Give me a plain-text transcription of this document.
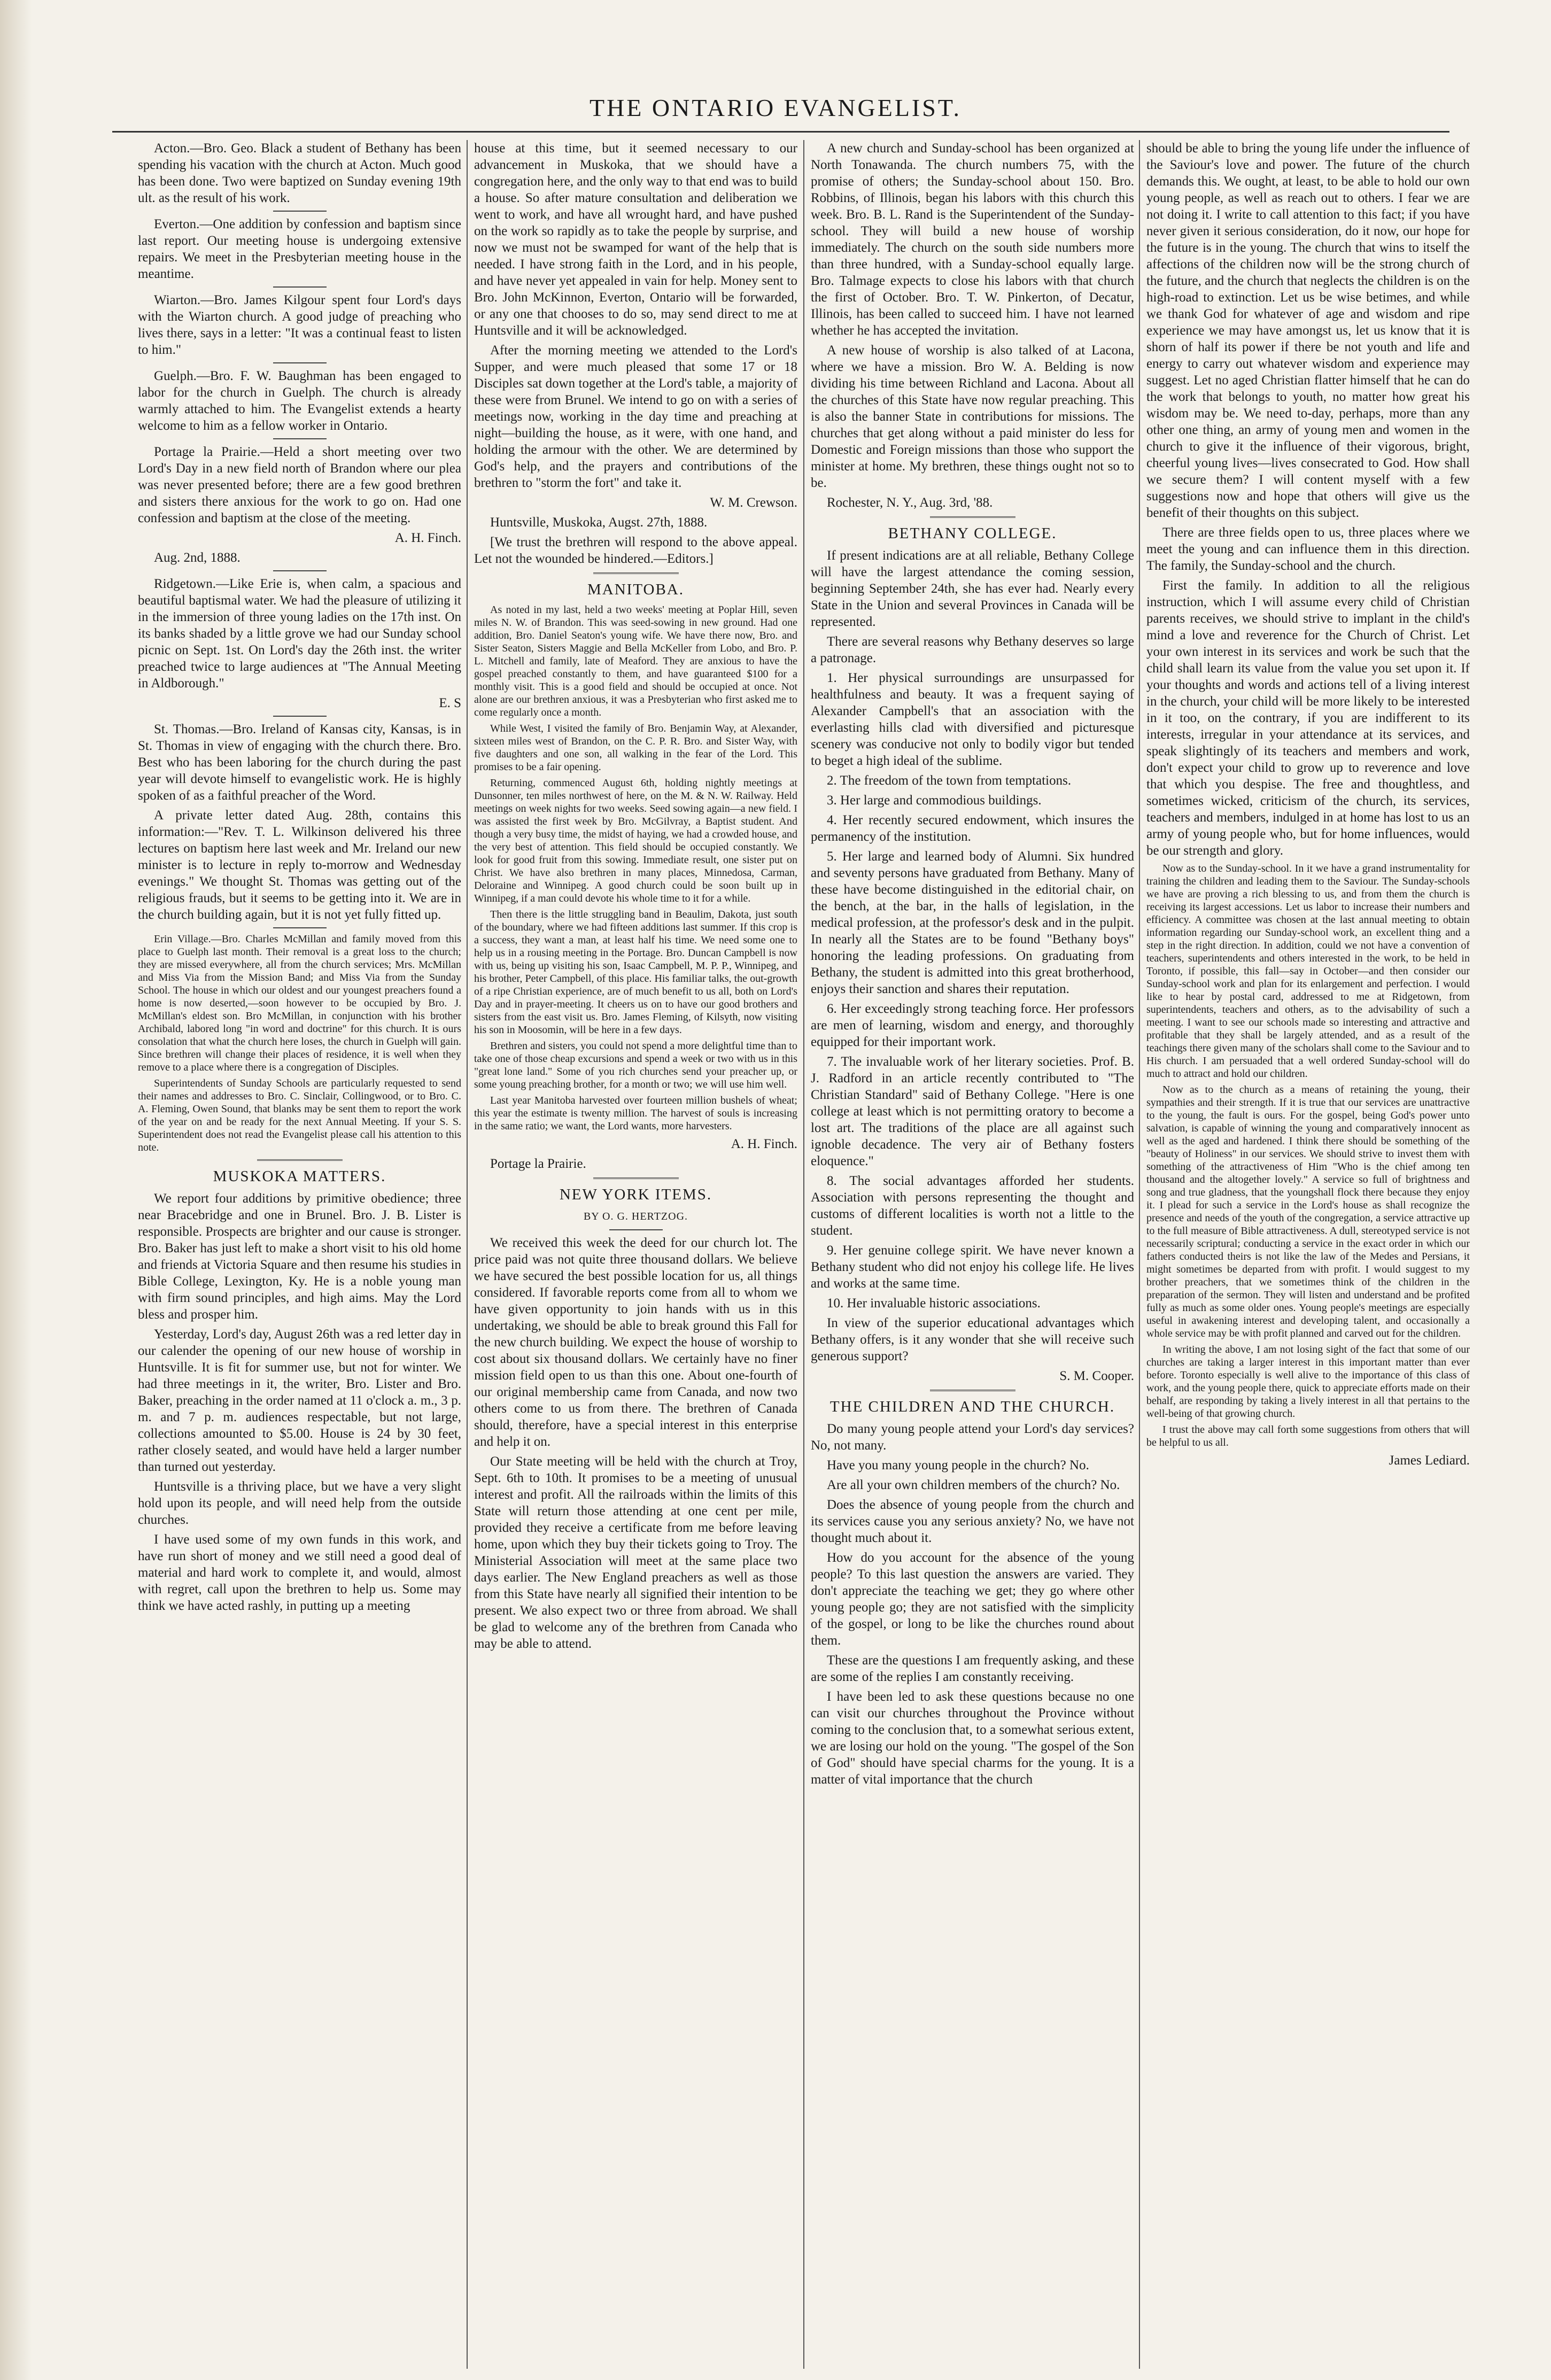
THE ONTARIO EVANGELIST.

Acton.—Bro. Geo. Black a student of Bethany has been spending his vacation with the church at Acton. Much good has been done. Two were baptized on Sunday evening 19th ult. as the result of his work.

Everton.—One addition by confession and baptism since last report. Our meeting house is undergoing extensive repairs. We meet in the Presbyterian meeting house in the meantime.

Wiarton.—Bro. James Kilgour spent four Lord's days with the Wiarton church. A good judge of preaching who lives there, says in a letter: "It was a continual feast to listen to him."

Guelph.—Bro. F. W. Baughman has been engaged to labor for the church in Guelph. The church is already warmly attached to him. The Evangelist extends a hearty welcome to him as a fellow worker in Ontario.

Portage la Prairie.—Held a short meeting over two Lord's Day in a new field north of Brandon where our plea was never presented before; there are a few good brethren and sisters there anxious for the work to go on. Had one confession and baptism at the close of the meeting.

A. H. Finch.

Aug. 2nd, 1888.

Ridgetown.—Like Erie is, when calm, a spacious and beautiful baptismal water. We had the pleasure of utilizing it in the immersion of three young ladies on the 17th inst. On its banks shaded by a little grove we had our Sunday school picnic on Sept. 1st. On Lord's day the 26th inst. the writer preached twice to large audiences at "The Annual Meeting in Aldborough."

E. S

St. Thomas.—Bro. Ireland of Kansas city, Kansas, is in St. Thomas in view of engaging with the church there. Bro. Best who has been laboring for the church during the past year will devote himself to evangelistic work. He is highly spoken of as a faithful preacher of the Word.

A private letter dated Aug. 28th, contains this information:—"Rev. T. L. Wilkinson delivered his three lectures on baptism here last week and Mr. Ireland our new minister is to lecture in reply to-morrow and Wednesday evenings." We thought St. Thomas was getting out of the religious frauds, but it seems to be getting into it. We are in the church building again, but it is not yet fully fitted up.

Erin Village.—Bro. Charles McMillan and family moved from this place to Guelph last month. Their removal is a great loss to the church; they are missed everywhere, all from the church services; Mrs. McMillan and Miss Via from the Mission Band; and Miss Via from the Sunday School. The house in which our oldest and our youngest preachers found a home is now deserted,—soon however to be occupied by Bro. J. McMillan's eldest son. Bro McMillan, in conjunction with his brother Archibald, labored long "in word and doctrine" for this church. It is ours consolation that what the church here loses, the church in Guelph will gain. Since brethren will change their places of residence, it is well when they remove to a place where there is a congregation of Disciples.

Superintendents of Sunday Schools are particularly requested to send their names and addresses to Bro. C. Sinclair, Collingwood, or to Bro. C. A. Fleming, Owen Sound, that blanks may be sent them to report the work of the year on and be ready for the next Annual Meeting. If your S. S. Superintendent does not read the Evangelist please call his attention to this note.

MUSKOKA MATTERS.

We report four additions by primitive obedience; three near Bracebridge and one in Brunel. Bro. J. B. Lister is responsible. Prospects are brighter and our cause is stronger. Bro. Baker has just left to make a short visit to his old home and friends at Victoria Square and then resume his studies in Bible College, Lexington, Ky. He is a noble young man with firm sound principles, and high aims. May the Lord bless and prosper him.

Yesterday, Lord's day, August 26th was a red letter day in our calender the opening of our new house of worship in Huntsville. It is fit for summer use, but not for winter. We had three meetings in it, the writer, Bro. Lister and Bro. Baker, preaching in the order named at 11 o'clock a. m., 3 p. m. and 7 p. m. audiences respectable, but not large, collections amounted to $5.00. House is 24 by 30 feet, rather closely seated, and would have held a larger number than turned out yesterday.

Huntsville is a thriving place, but we have a very slight hold upon its people, and will need help from the outside churches.

I have used some of my own funds in this work, and have run short of money and we still need a good deal of material and hard work to complete it, and would, almost with regret, call upon the brethren to help us. Some may think we have acted rashly, in putting up a meeting

house at this time, but it seemed necessary to our advancement in Muskoka, that we should have a congregation here, and the only way to that end was to build a house. So after mature consultation and deliberation we went to work, and have all wrought hard, and have pushed on the work so rapidly as to take the people by surprise, and now we must not be swamped for want of the help that is needed. I have strong faith in the Lord, and in his people, and have never yet appealed in vain for help. Money sent to Bro. John McKinnon, Everton, Ontario will be forwarded, or any one that chooses to do so, may send direct to me at Huntsville and it will be acknowledged.

After the morning meeting we attended to the Lord's Supper, and were much pleased that some 17 or 18 Disciples sat down together at the Lord's table, a majority of these were from Brunel. We intend to go on with a series of meetings now, working in the day time and preaching at night—building the house, as it were, with one hand, and holding the armour with the other. We are determined by God's help, and the prayers and contributions of the brethren to "storm the fort" and take it.

W. M. Crewson.

Huntsville, Muskoka, Augst. 27th, 1888.

[We trust the brethren will respond to the above appeal. Let not the wounded be hindered.—Editors.]

MANITOBA.

As noted in my last, held a two weeks' meeting at Poplar Hill, seven miles N. W. of Brandon. This was seed-sowing in new ground. Had one addition, Bro. Daniel Seaton's young wife. We have there now, Bro. and Sister Seaton, Sisters Maggie and Bella McKeller from Lobo, and Bro. P. L. Mitchell and family, late of Meaford. They are anxious to have the gospel preached constantly to them, and have guaranteed $100 for a monthly visit. This is a good field and should be occupied at once. Not alone are our brethren anxious, it was a Presbyterian who first asked me to come regularly once a month.

While West, I visited the family of Bro. Benjamin Way, at Alexander, sixteen miles west of Brandon, on the C. P. R. Bro. and Sister Way, with five daughters and one son, all walking in the fear of the Lord. This promises to be a fair opening.

Returning, commenced August 6th, holding nightly meetings at Dunsonner, ten miles northwest of here, on the M. & N. W. Railway. Held meetings on week nights for two weeks. Seed sowing again—a new field. I was assisted the first week by Bro. McGilvray, a Baptist student. And though a very busy time, the midst of haying, we had a crowded house, and the very best of attention. This field should be occupied constantly. We look for good fruit from this sowing. Immediate result, one sister put on Christ. We have also brethren in many places, Minnedosa, Carman, Deloraine and Winnipeg. A good church could be soon built up in Winnipeg, if a man could devote his whole time to it for a while.

Then there is the little struggling band in Beaulim, Dakota, just south of the boundary, where we had fifteen additions last summer. If this crop is a success, they want a man, at least half his time. We need some one to help us in a rousing meeting in the Portage. Bro. Duncan Campbell is now with us, being up visiting his son, Isaac Campbell, M. P. P., Winnipeg, and his brother, Peter Campbell, of this place. His familiar talks, the out-growth of a ripe Christian experience, are of much benefit to us all, both on Lord's Day and in prayer-meeting. It cheers us on to have our good brothers and sisters from the east visit us. Bro. James Fleming, of Kilsyth, now visiting his son in Moosomin, will be here in a few days.

Brethren and sisters, you could not spend a more delightful time than to take one of those cheap excursions and spend a week or two with us in this "great lone land." Some of you rich churches send your preacher up, or some young preaching brother, for a month or two; we will use him well.

Last year Manitoba harvested over fourteen million bushels of wheat; this year the estimate is twenty million. The harvest of souls is increasing in the same ratio; we want, the Lord wants, more harvesters.

A. H. Finch.

Portage la Prairie.

NEW YORK ITEMS.

BY O. G. HERTZOG.

We received this week the deed for our church lot. The price paid was not quite three thousand dollars. We believe we have secured the best possible location for us, all things considered. If favorable reports come from all to whom we have given opportunity to join hands with us in this undertaking, we should be able to break ground this Fall for the new church building. We expect the house of worship to cost about six thousand dollars. We certainly have no finer mission field open to us than this one. About one-fourth of our original membership came from Canada, and now two others come to us from there. The brethren of Canada should, therefore, have a special interest in this enterprise and help it on.

Our State meeting will be held with the church at Troy, Sept. 6th to 10th. It promises to be a meeting of unusual interest and profit. All the railroads within the limits of this State will return those attending at one cent per mile, provided they receive a certificate from me before leaving home, upon which they buy their tickets going to Troy. The Ministerial Association will meet at the same place two days earlier. The New England preachers as well as those from this State have nearly all signified their intention to be present. We also expect two or three from abroad. We shall be glad to welcome any of the brethren from Canada who may be able to attend.

A new church and Sunday-school has been organized at North Tonawanda. The church numbers 75, with the promise of others; the Sunday-school about 150. Bro. Robbins, of Illinois, began his labors with this church this week. Bro. B. L. Rand is the Superintendent of the Sunday-school. They will build a new house of worship immediately. The church on the south side numbers more than three hundred, with a Sunday-school equally large. Bro. Talmage expects to close his labors with that church the first of October. Bro. T. W. Pinkerton, of Decatur, Illinois, has been called to succeed him. I have not learned whether he has accepted the invitation.

A new house of worship is also talked of at Lacona, where we have a mission. Bro W. A. Belding is now dividing his time between Richland and Lacona. About all the churches of this State have now regular preaching. This is also the banner State in contributions for missions. The churches that get along without a paid minister do less for Domestic and Foreign missions than those who support the minister at home. My brethren, these things ought not so to be.

Rochester, N. Y., Aug. 3rd, '88.

BETHANY COLLEGE.

If present indications are at all reliable, Bethany College will have the largest attendance the coming session, beginning September 24th, she has ever had. Nearly every State in the Union and several Provinces in Canada will be represented.

There are several reasons why Bethany deserves so large a patronage.

1. Her physical surroundings are unsurpassed for healthfulness and beauty. It was a frequent saying of Alexander Campbell's that an association with the everlasting hills clad with diversified and picturesque scenery was conducive not only to bodily vigor but tended to beget a high ideal of the sublime.

2. The freedom of the town from temptations.

3. Her large and commodious buildings.

4. Her recently secured endowment, which insures the permanency of the institution.

5. Her large and learned body of Alumni. Six hundred and seventy persons have graduated from Bethany. Many of these have become distinguished in the editorial chair, on the bench, at the bar, in the halls of legislation, in the medical profession, at the professor's desk and in the pulpit. In nearly all the States are to be found "Bethany boys" honoring the leading professions. On graduating from Bethany, the student is admitted into this great brotherhood, enjoys their sanction and shares their reputation.

6. Her exceedingly strong teaching force. Her professors are men of learning, wisdom and energy, and thoroughly equipped for their important work.

7. The invaluable work of her literary societies. Prof. B. J. Radford in an article recently contributed to "The Christian Standard" said of Bethany College. "Here is one college at least which is not permitting oratory to become a lost art. The traditions of the place are all against such ignoble decadence. The very air of Bethany fosters eloquence."

8. The social advantages afforded her students. Association with persons representing the thought and customs of different localities is worth not a little to the student.

9. Her genuine college spirit. We have never known a Bethany student who did not enjoy his college life. He lives and works at the same time.

10. Her invaluable historic associations.

In view of the superior educational advantages which Bethany offers, is it any wonder that she will receive such generous support?

S. M. Cooper.

THE CHILDREN AND THE CHURCH.

Do many young people attend your Lord's day services? No, not many.

Have you many young people in the church? No.

Are all your own children members of the church? No.

Does the absence of young people from the church and its services cause you any serious anxiety? No, we have not thought much about it.

How do you account for the absence of the young people? To this last question the answers are varied. They don't appreciate the teaching we get; they go where other young people go; they are not satisfied with the simplicity of the gospel, or long to be like the churches round about them.

These are the questions I am frequently asking, and these are some of the replies I am constantly receiving.

I have been led to ask these questions because no one can visit our churches throughout the Province without coming to the conclusion that, to a somewhat serious extent, we are losing our hold on the young. "The gospel of the Son of God" should have special charms for the young. It is a matter of vital importance that the church

should be able to bring the young life under the influence of the Saviour's love and power. The future of the church demands this. We ought, at least, to be able to hold our own young people, as well as reach out to others. I fear we are not doing it. I write to call attention to this fact; if you have never given it serious consideration, do it now, our hope for the future is in the young. The church that wins to itself the affections of the children now will be the strong church of the future, and the church that neglects the children is on the high-road to extinction. Let us be wise betimes, and while we thank God for whatever of age and wisdom and ripe experience we may have amongst us, let us know that it is shorn of half its power if there be not youth and life and energy to carry out whatever wisdom and experience may suggest. Let no aged Christian flatter himself that he can do the work that belongs to youth, no matter how great his wisdom may be. We need to-day, perhaps, more than any other one thing, an army of young men and women in the church to give it the influence of their vigorous, bright, cheerful young lives—lives consecrated to God. How shall we secure them? I will content myself with a few suggestions now and hope that others will give us the benefit of their thoughts on this subject.

There are three fields open to us, three places where we meet the young and can influence them in this direction. The family, the Sunday-school and the church.

First the family. In addition to all the religious instruction, which I will assume every child of Christian parents receives, we should strive to implant in the child's mind a love and reverence for the Church of Christ. Let your own interest in its services and work be such that the child shall learn its value from the value you set upon it. If your thoughts and words and actions tell of a living interest in the church, your child will be more likely to be interested in it too, on the contrary, if you are indifferent to its interests, irregular in your attendance at its services, and speak slightingly of its teachers and members and work, don't expect your child to grow up to reverence and love that which you despise. The free and thoughtless, and sometimes wicked, criticism of the church, its services, teachers and members, indulged in at home has lost to us an army of young people who, but for home influences, would be our strength and glory.

Now as to the Sunday-school. In it we have a grand instrumentality for training the children and leading them to the Saviour. The Sunday-schools we have are proving a rich blessing to us, and from them the church is receiving its largest accessions. Let us labor to increase their numbers and efficiency. A committee was chosen at the last annual meeting to obtain information regarding our Sunday-school work, an excellent thing and a step in the right direction. In addition, could we not have a convention of teachers, superintendents and others interested in the work, to be held in Toronto, if possible, this fall—say in October—and then consider our Sunday-school work and plan for its enlargement and perfection. I would like to hear by postal card, addressed to me at Ridgetown, from superintendents, teachers and others, as to the advisability of such a meeting. I want to see our schools made so interesting and attractive and profitable that they shall be largely attended, and as a result of the teachings there given many of the scholars shall come to the Saviour and to His church. I am persuaded that a well ordered Sunday-school will do much to attract and hold our children.

Now as to the church as a means of retaining the young, their sympathies and their strength. If it is true that our services are unattractive to the young, the fault is ours. For the gospel, being God's power unto salvation, is capable of winning the young and comparatively innocent as well as the aged and hardened. I think there should be something of the "beauty of Holiness" in our services. We should strive to invest them with something of the attractiveness of Him "Who is the chief among ten thousand and the altogether lovely." A service so full of brightness and song and true gladness, that the youngshall flock there because they enjoy it. I plead for such a service in the Lord's house as shall recognize the presence and needs of the youth of the congregation, a service attractive up to the full measure of Bible attractiveness. A dull, stereotyped service is not necessarily scriptural; conducting a service in the exact order in which our fathers conducted theirs is not like the law of the Medes and Persians, it might sometimes be departed from with profit. I would suggest to my brother preachers, that we sometimes think of the children in the preparation of the sermon. They will listen and understand and be profited fully as much as some older ones. Young people's meetings are especially useful in awakening interest and developing talent, and occasionally a whole service may be with profit planned and carved out for the children.

In writing the above, I am not losing sight of the fact that some of our churches are taking a larger interest in this important matter than ever before. Toronto especially is well alive to the importance of this class of work, and the young people there, quick to appreciate efforts made on their behalf, are responding by taking a lively interest in all that pertains to the well-being of that growing church.

I trust the above may call forth some suggestions from others that will be helpful to us all.

James Lediard.
